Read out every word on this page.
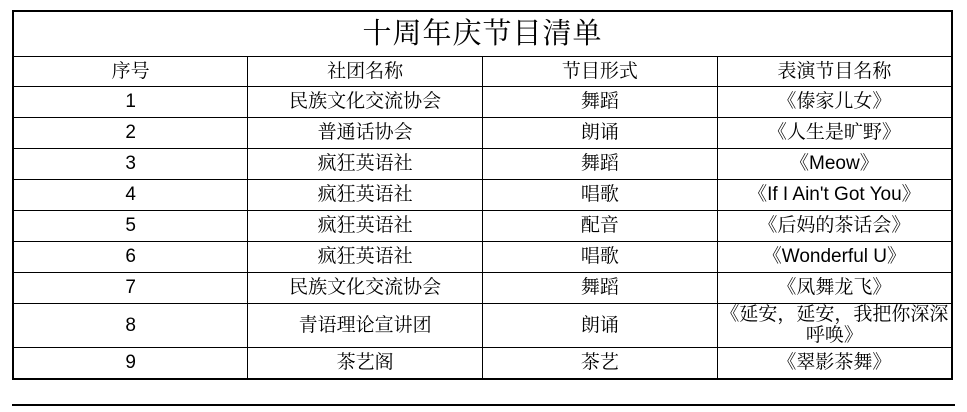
十周年庆节目清单			
序号	社团名称	节目形式	表演节目名称
1	民族文化交流协会	舞蹈	《傣家儿女》
2	普通话协会	朗诵	《人生是旷野》
3	疯狂英语社	舞蹈	《Meow》
4	疯狂英语社	唱歌	《If I Ain't Got You》
5	疯狂英语社	配音	《后妈的茶话会》
6	疯狂英语社	唱歌	《Wonderful U》
7	民族文化交流协会	舞蹈	《凤舞龙飞》
8	青语理论宣讲团	朗诵	《延安，延安，我把你深深呼唤》
9	茶艺阁	茶艺	《翠影茶舞》
